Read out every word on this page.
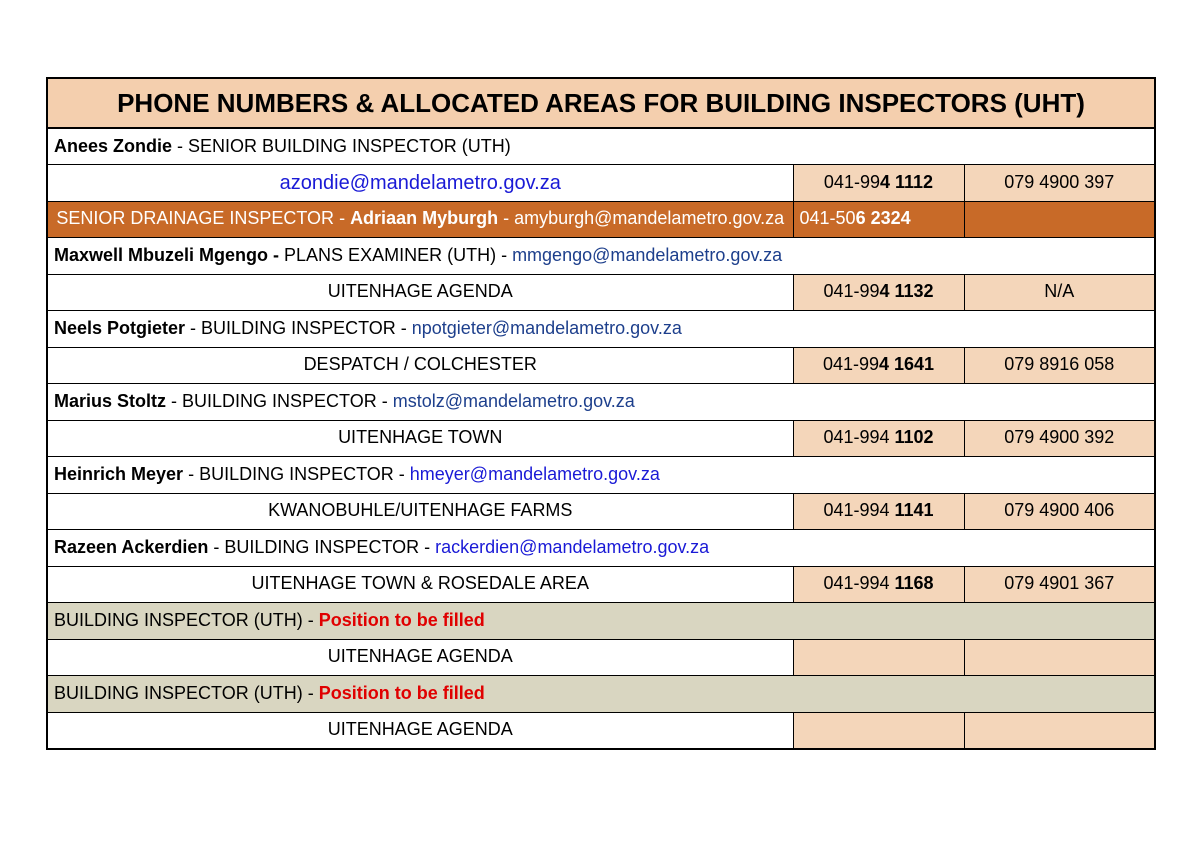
PHONE NUMBERS & ALLOCATED AREAS FOR BUILDING INSPECTORS (UHT)		
Anees Zondie - SENIOR BUILDING INSPECTOR (UTH)		
azondie@mandelametro.gov.za	041-994 1112	079 4900 397
SENIOR DRAINAGE INSPECTOR - Adriaan Myburgh - amyburgh@mandelametro.gov.za	041-506 2324	
Maxwell Mbuzeli Mgengo - PLANS EXAMINER (UTH) - mmgengo@mandelametro.gov.za		
UITENHAGE AGENDA	041-994 1132	N/A
Neels Potgieter - BUILDING INSPECTOR - npotgieter@mandelametro.gov.za		
DESPATCH / COLCHESTER	041-994 1641	079 8916 058
Marius Stoltz - BUILDING INSPECTOR - mstolz@mandelametro.gov.za		
UITENHAGE TOWN	041-994 1102	079 4900 392
Heinrich Meyer - BUILDING INSPECTOR - hmeyer@mandelametro.gov.za		
KWANOBUHLE/UITENHAGE FARMS	041-994 1141	079 4900 406
Razeen Ackerdien - BUILDING INSPECTOR - rackerdien@mandelametro.gov.za		
UITENHAGE TOWN & ROSEDALE AREA	041-994 1168	079 4901 367
BUILDING INSPECTOR (UTH) - Position to be filled		
UITENHAGE AGENDA		
BUILDING INSPECTOR (UTH) - Position to be filled		
UITENHAGE AGENDA		
